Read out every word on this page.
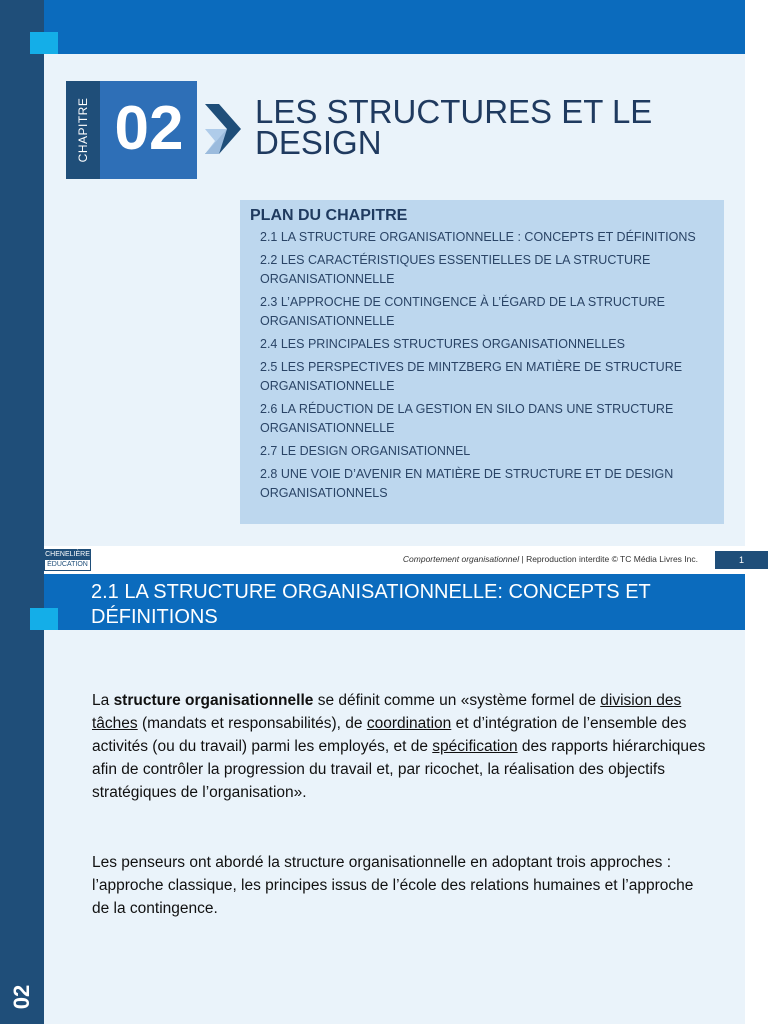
CHAPITRE 02	LES STRUCTURES ET LE DESIGN
PLAN DU CHAPITRE
2.1 LA STRUCTURE ORGANISATIONNELLE : CONCEPTS ET DÉFINITIONS
2.2 LES CARACTÉRISTIQUES ESSENTIELLES DE LA STRUCTURE ORGANISATIONNELLE
2.3 L’APPROCHE DE CONTINGENCE À L’ÉGARD DE LA STRUCTURE ORGANISATIONNELLE
2.4 LES PRINCIPALES STRUCTURES ORGANISATIONNELLES
2.5 LES PERSPECTIVES DE MINTZBERG EN MATIÈRE DE STRUCTURE ORGANISATIONNELLE
2.6 LA RÉDUCTION DE LA GESTION EN SILO DANS UNE STRUCTURE ORGANISATIONNELLE
2.7 LE DESIGN ORGANISATIONNEL
2.8 UNE VOIE D’AVENIR EN MATIÈRE DE STRUCTURE ET DE DESIGN ORGANISATIONNELS
CHENELIÈRE
ÉDUCATION
Comportement organisationnel | Reproduction interdite © TC Média Livres Inc.	1
2.1 LA STRUCTURE ORGANISATIONNELLE: CONCEPTS ET DÉFINITIONS

La structure organisationnelle se définit comme un «système formel de division des tâches (mandats et responsabilités), de coordination et d’intégration de l’ensemble des activités (ou du travail) parmi les employés, et de spécification des rapports hiérarchiques afin de contrôler la progression du travail et, par ricochet, la réalisation des objectifs stratégiques de l’organisation».

Les penseurs ont abordé la structure organisationnelle en adoptant trois approches : l’approche classique, les principes issus de l’école des relations humaines et l’approche de la contingence.

02
